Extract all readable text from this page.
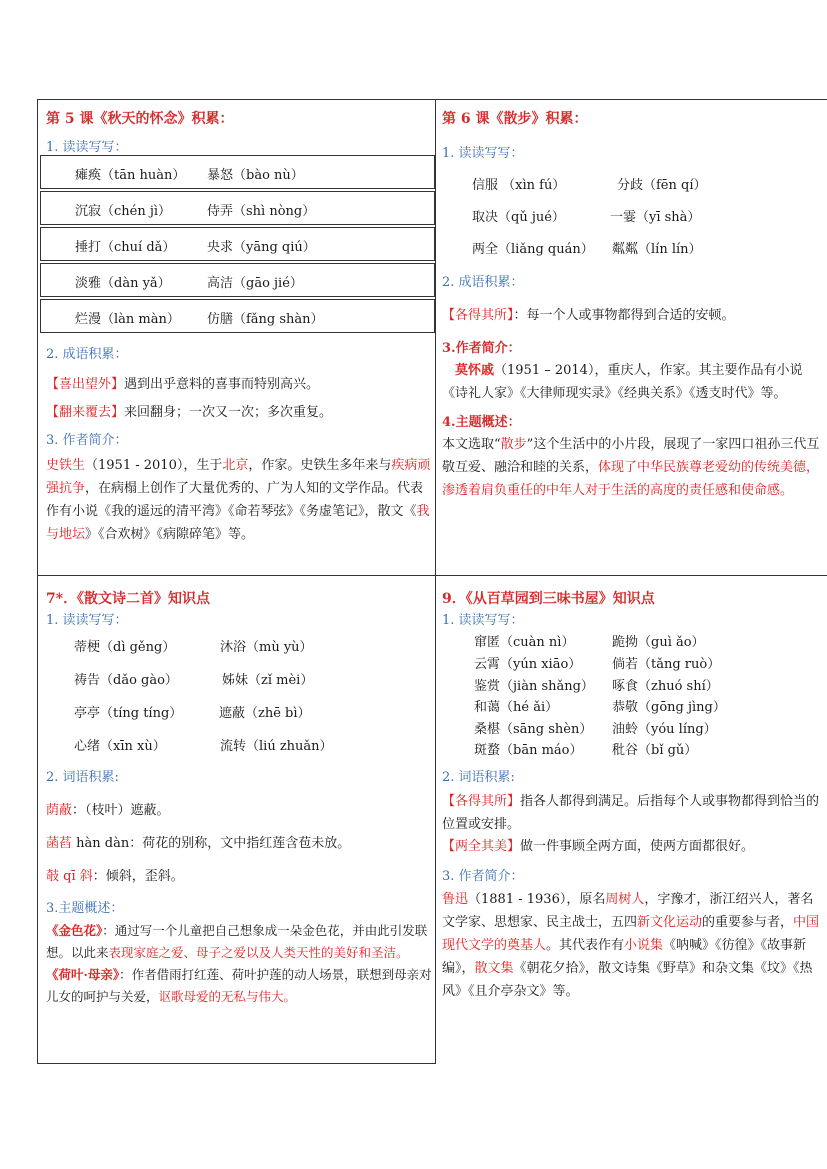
第 5 课《秋天的怀念》积累：
1. 读读写写：
瘫痪（tān huàn） 暴怒（bào nù）
沉寂（chén jì）	侍弄（shì nòng）
捶打（chuí dǎ） 央求（yāng qiú）
淡雅（dàn yǎ）	高洁（gāo jié）
烂漫（làn màn） 仿膳（fǎng shàn）
2. 成语积累：
【喜出望外】遇到出乎意料的喜事而特别高兴。
【翻来覆去】来回翻身；一次又一次；多次重复。
3. 作者简介：
史铁生（1951 - 2010），生于北京，作家。史铁生多年来与疾病顽强抗争，在病榻上创作了大量优秀的、广为人知的文学作品。代表作有小说《我的遥远的清平湾》《命若琴弦》《务虚笔记》，散文《我与地坛》《合欢树》《病隙碎笔》等。
第 6 课《散步》积累：
1. 读读写写：
信服 （xìn fú）	分歧（fēn qí）
取决（qǔ jué）	一霎（yī shà）
两全（liǎng quán） 粼粼（lín lín）
2. 成语积累：
【各得其所】：每一个人或事物都得到合适的安顿。
3.作者简介：
莫怀戚（1951 – 2014），重庆人，作家。其主要作品有小说《诗礼人家》《大律师现实录》《经典关系》《透支时代》等。
4.主题概述：
本文选取“散步”这个生活中的小片段，展现了一家四口祖孙三代互敬互爱、融洽和睦的关系，体现了中华民族尊老爱幼的传统美德，渗透着肩负重任的中年人对于生活的高度的责任感和使命感。
7*．《散文诗二首》知识点
1. 读读写写：
蒂梗（dì gěng）	沐浴（mù yù）
祷告（dǎo gào）	姊妹（zǐ mèi）
亭亭（tíng tíng）	遮蔽（zhē bì）
心绪（xīn xù）	流转（liú zhuǎn）
2. 词语积累:
荫蔽：（枝叶）遮蔽。
菡萏 hàn dàn：荷花的别称，文中指红莲含苞未放。
攲 qī 斜：倾斜，歪斜。
3.主题概述：
《金色花》：通过写一个儿童把自己想象成一朵金色花，并由此引发联想。以此来表现家庭之爱、母子之爱以及人类天性的美好和圣洁。
《荷叶·母亲》：作者借雨打红莲、荷叶护莲的动人场景，联想到母亲对儿女的呵护与关爱，讴歌母爱的无私与伟大。
9．《从百草园到三味书屋》知识点
1. 读读写写：
窜匿（cuàn nì）	跪拗（guì ǎo）
云霄（yún xiāo） 倘若（tǎng ruò）
鉴赏（jiàn shǎng） 啄食（zhuó shí）
和蔼（hé ǎi）	恭敬（gōng jìng）
桑椹（sāng shèn） 油蛉（yóu líng）
斑蝥（bān máo） 秕谷（bǐ gǔ）
2. 词语积累:
【各得其所】指各人都得到满足。后指每个人或事物都得到恰当的位置或安排。
【两全其美】做一件事顾全两方面，使两方面都很好。
3. 作者简介：
鲁迅（1881 - 1936），原名周树人，字豫才，浙江绍兴人，著名文学家、思想家、民主战士，五四新文化运动的重要参与者，中国现代文学的奠基人。其代表作有小说集《呐喊》《彷徨》《故事新编》，散文集《朝花夕拾》，散文诗集《野草》和杂文集《坟》《热风》《且介亭杂文》等。
